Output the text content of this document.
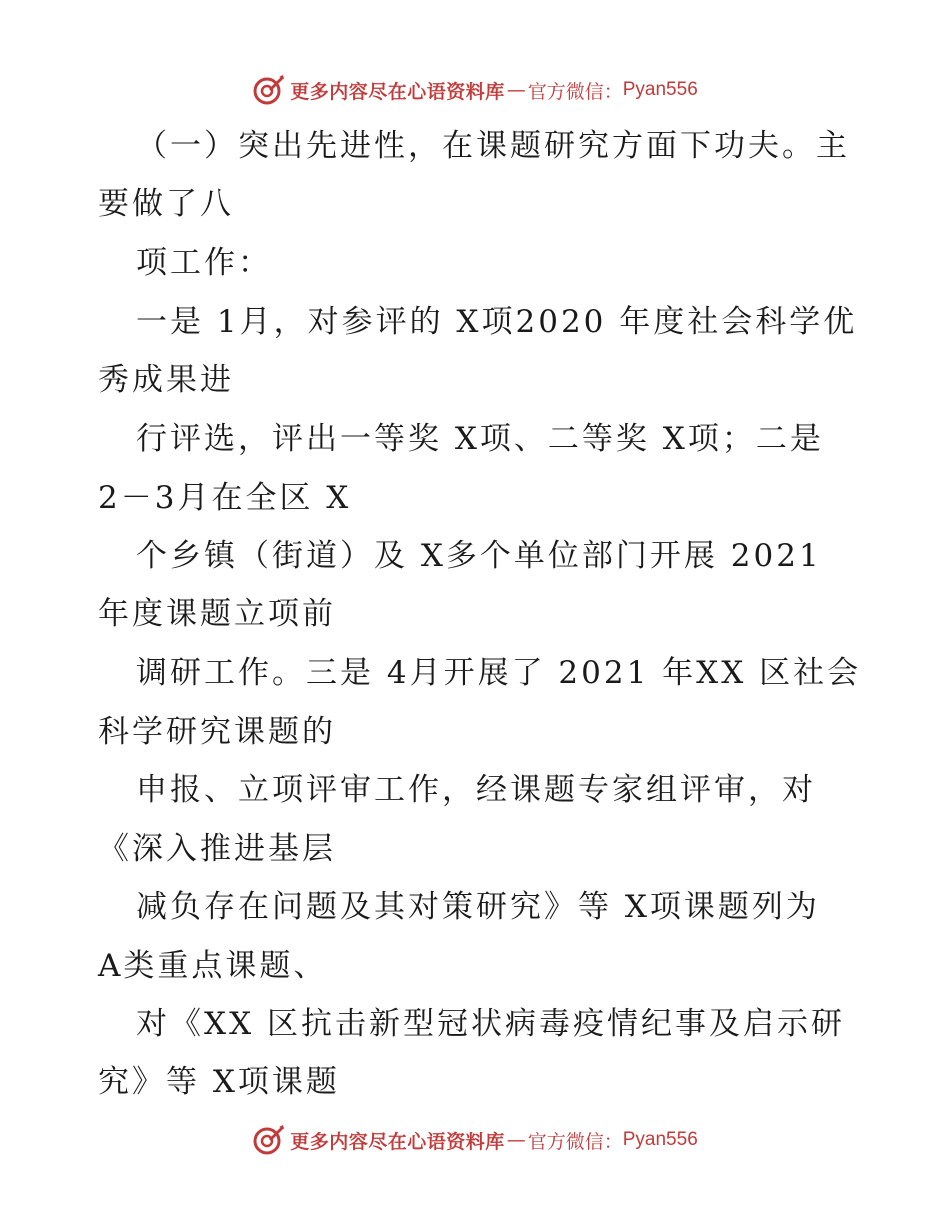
更多内容尽在心语资料库 — 官方微信： Pyan556
（一）突出先进性，在课题研究方面下功夫。主
要做了八
项工作：
一是 1月，对参评的 X项2020 年度社会科学优
秀成果进
行评选，评出一等奖 X项、二等奖 X项；二是
2－3月在全区 X
个乡镇（街道）及 X多个单位部门开展 2021
年度课题立项前
调研工作。三是 4月开展了 2021 年XX 区社会
科学研究课题的
申报、立项评审工作，经课题专家组评审，对
《深入推进基层
减负存在问题及其对策研究》等 X项课题列为
A类重点课题、
对《XX 区抗击新型冠状病毒疫情纪事及启示研
究》等 X项课题
更多内容尽在心语资料库 — 官方微信： Pyan556
